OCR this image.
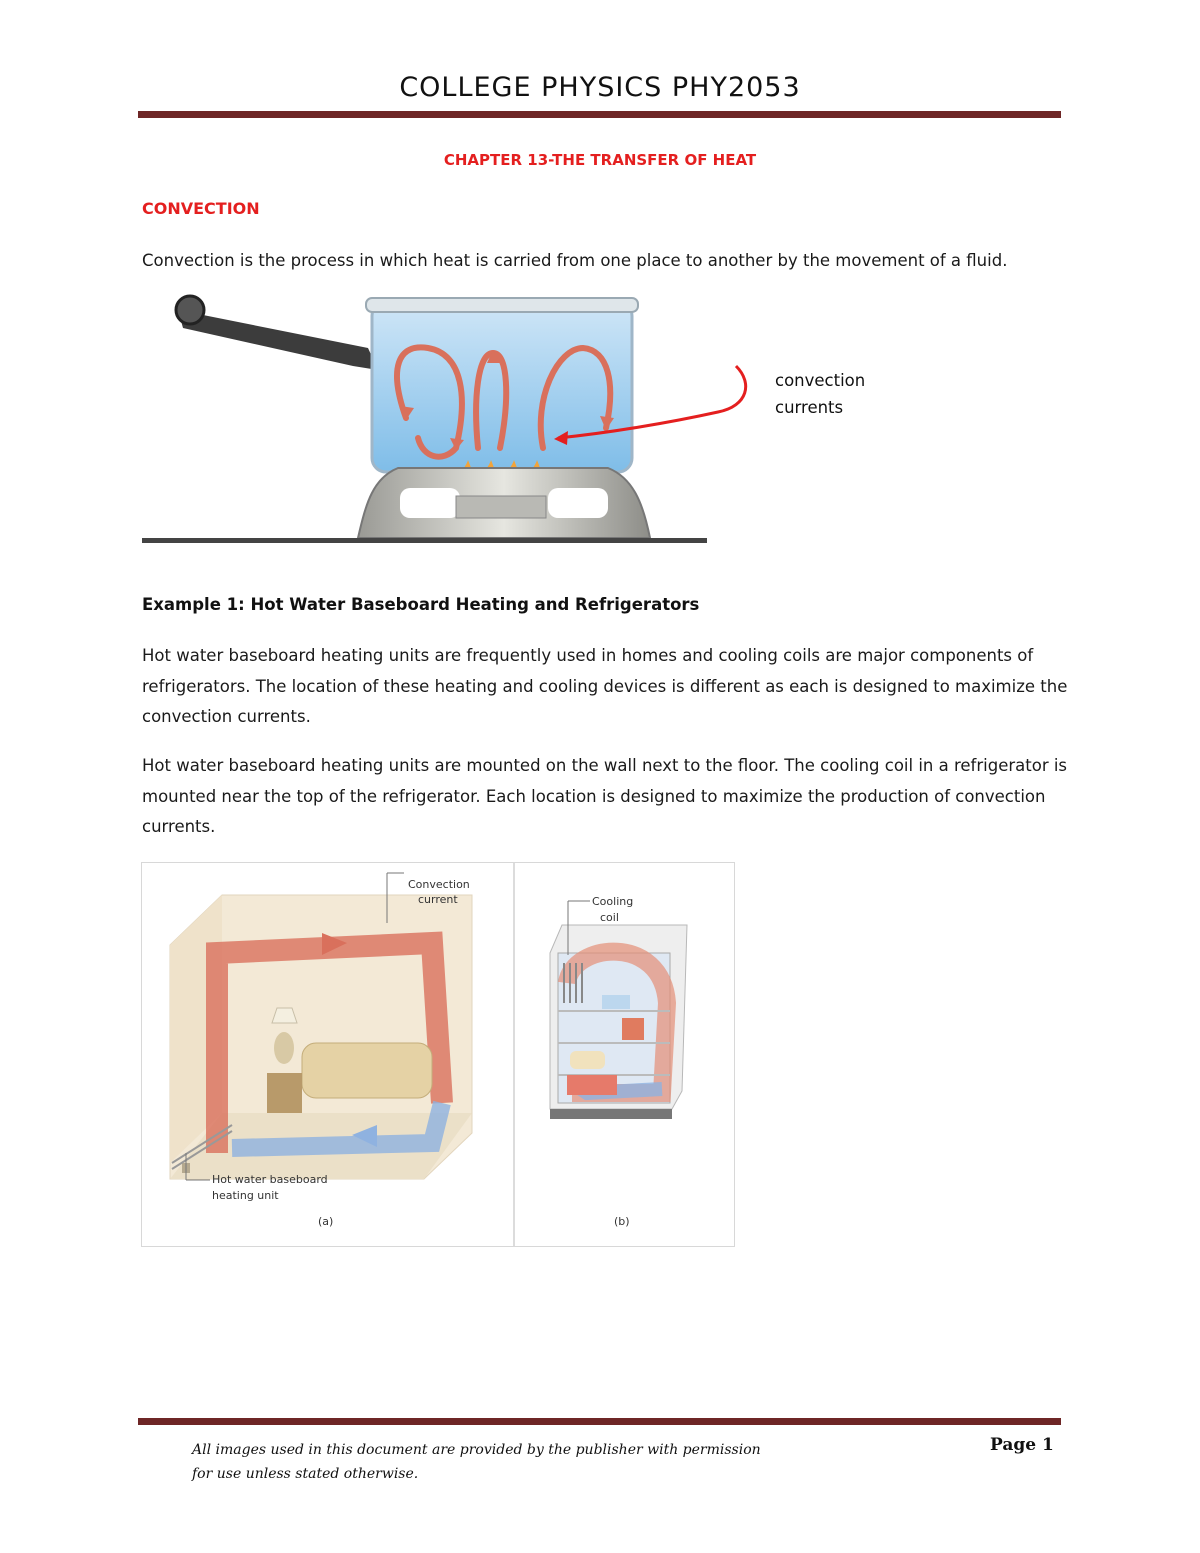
COLLEGE PHYSICS PHY2053
CHAPTER 13-THE TRANSFER OF HEAT
CONVECTION
Convection is the process in which heat is carried from one place to another by the movement of a fluid.
convection
currents
Example 1: Hot Water Baseboard Heating and Refrigerators
Hot water baseboard heating units are frequently used in homes and cooling coils are major components of refrigerators. The location of these heating and cooling devices is different as each is designed to maximize the convection currents.
Hot water baseboard heating units are mounted on the wall next to the floor. The cooling coil in a refrigerator is mounted near the top of the refrigerator. Each location is designed to maximize the production of convection currents.
Convection
current
Hot water baseboard
heating unit
(a)
Cooling
coil
(b)
All images used in this document are provided by the publisher with permission
for use unless stated otherwise.
Page 1
